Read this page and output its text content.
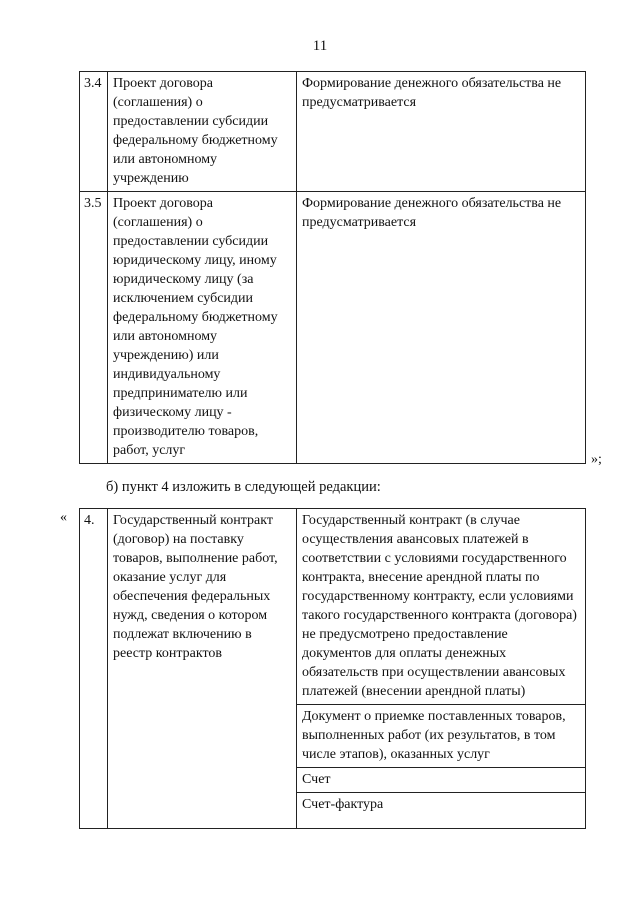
11
3.4	Проект договора (соглашения) о предоставлении субсидии федеральному бюджетному или автономному учреждению	Формирование денежного обязательства не предусматривается
3.5	Проект договора (соглашения) о предоставлении субсидии юридическому лицу, иному юридическому лицу (за исключением субсидии федеральному бюджетному или автономному учреждению) или индивидуальному предпринимателю или физическому лицу - производителю товаров, работ, услуг	Формирование денежного обязательства не предусматривается
»;
б) пункт 4 изложить в следующей редакции:
« 4.	Государственный контракт (договор) на поставку товаров, выполнение работ, оказание услуг для обеспечения федеральных нужд, сведения о котором подлежат включению в реестр контрактов	Государственный контракт (в случае осуществления авансовых платежей в соответствии с условиями государственного контракта, внесение арендной платы по государственному контракту, если условиями такого государственного контракта (договора) не предусмотрено предоставление документов для оплаты денежных обязательств при осуществлении авансовых платежей (внесении арендной платы)
Документ о приемке поставленных товаров, выполненных работ (их результатов, в том числе этапов), оказанных услуг
Счет
Счет-фактура
